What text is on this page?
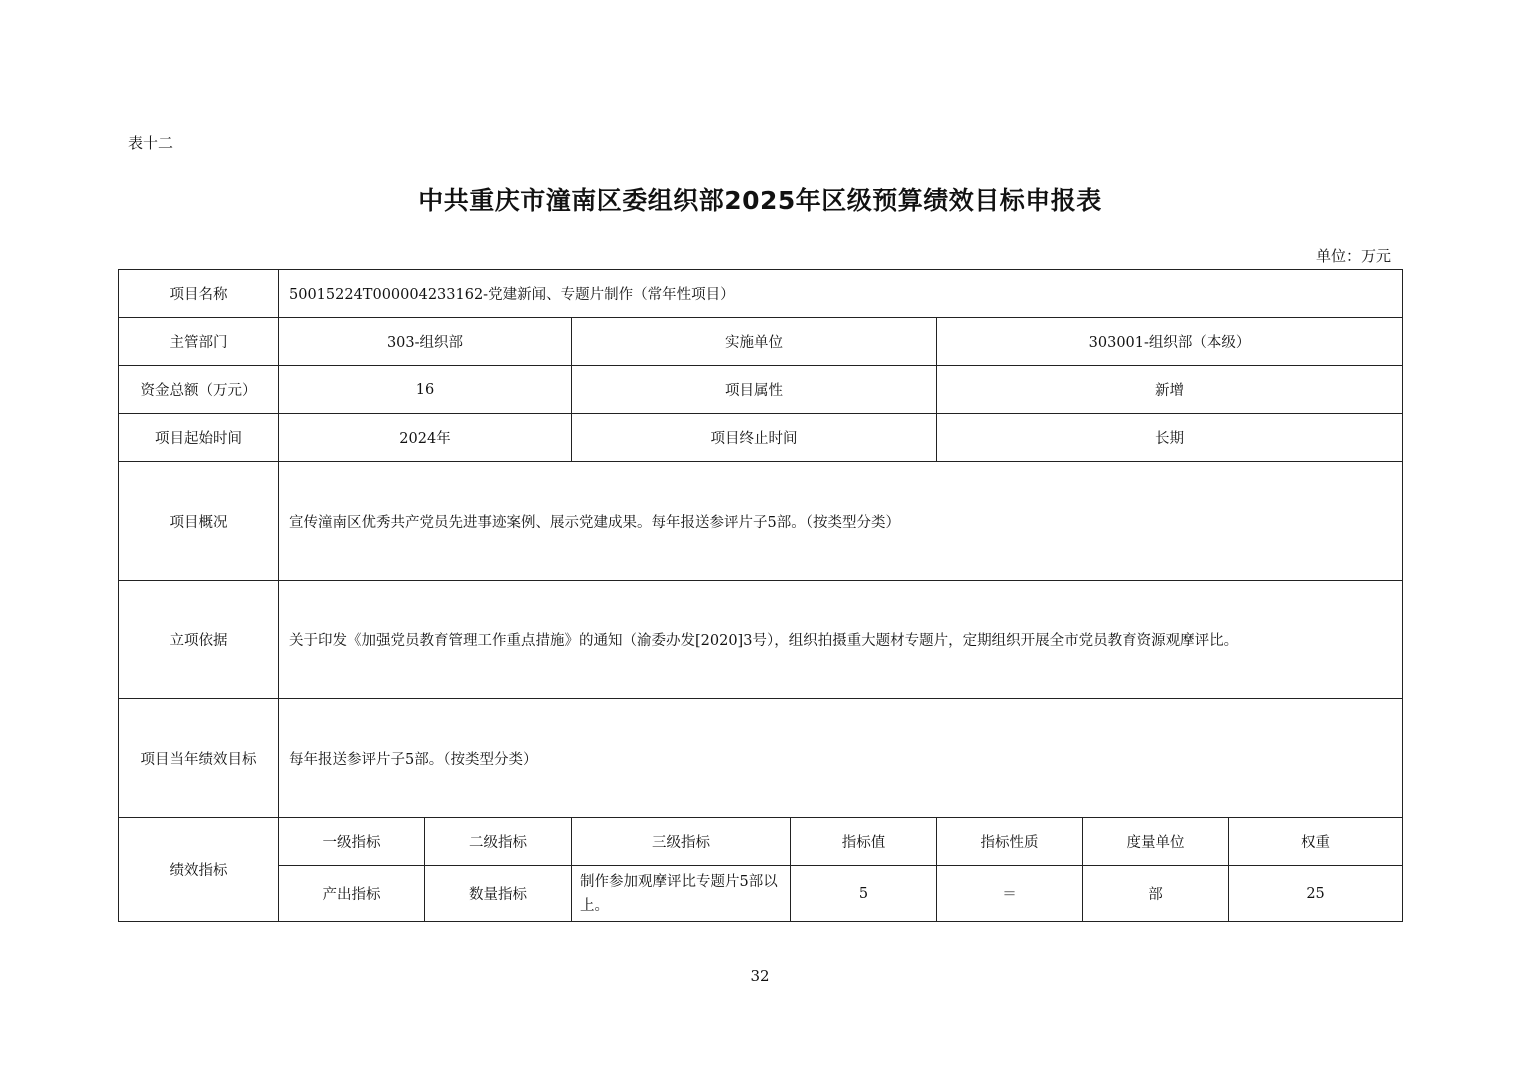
表十二
中共重庆市潼南区委组织部2025年区级预算绩效目标申报表
单位：万元
项目名称	50015224T000004233162-党建新闻、专题片制作（常年性项目）						
主管部门	303-组织部		实施单位		303001-组织部（本级）		
资金总额（万元）	16		项目属性		新增		
项目起始时间	2024年		项目终止时间		长期		
项目概况	宣传潼南区优秀共产党员先进事迹案例、展示党建成果。每年报送参评片子5部。（按类型分类）						
立项依据	关于印发《加强党员教育管理工作重点措施》的通知（渝委办发[2020]3号），组织拍摄重大题材专题片，定期组织开展全市党员教育资源观摩评比。						
项目当年绩效目标	每年报送参评片子5部。（按类型分类）						
绩效指标	一级指标	二级指标	三级指标	指标值	指标性质	度量单位	权重
	产出指标	数量指标	制作参加观摩评比专题片5部以上。	5	＝	部	25
32
